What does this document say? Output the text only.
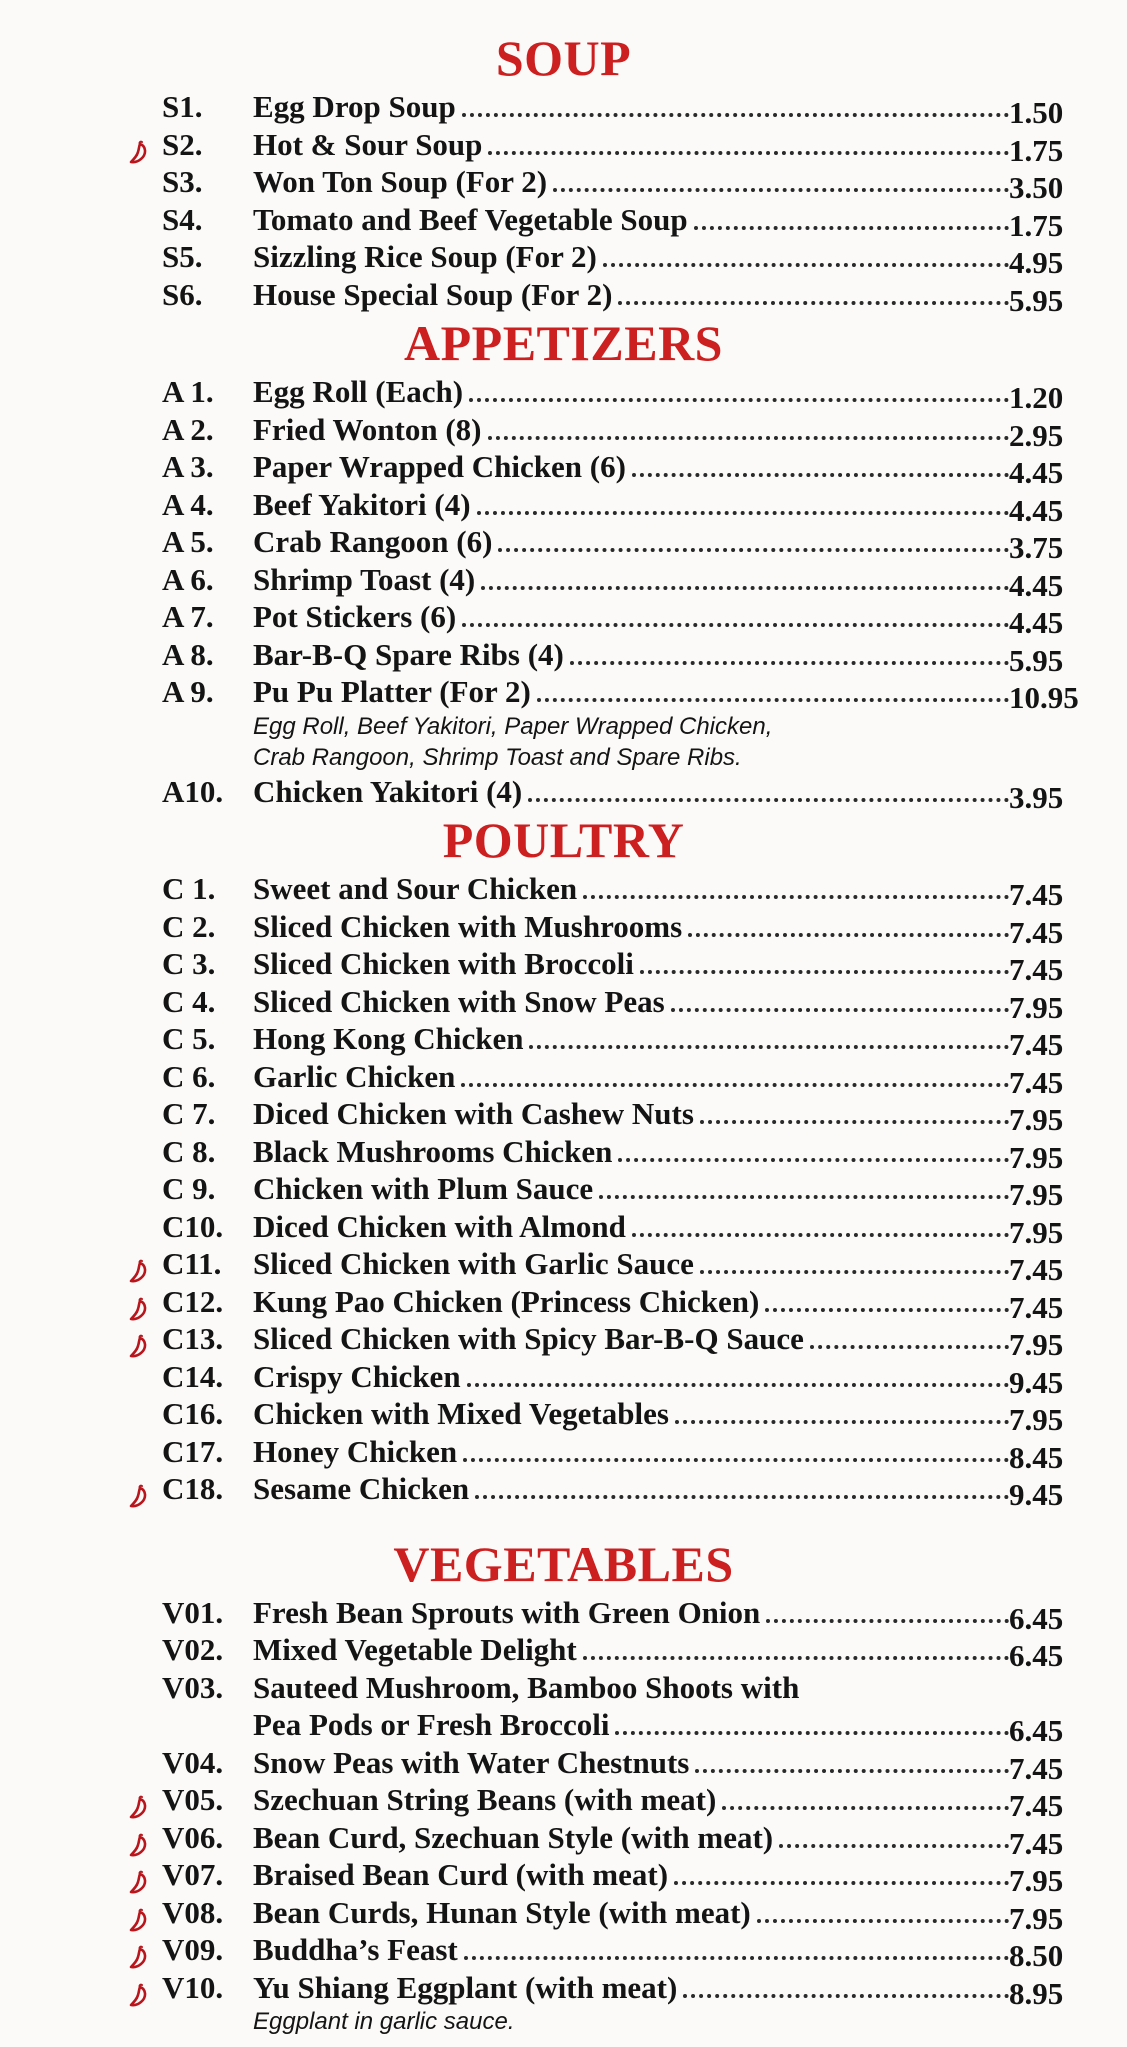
SOUP
S1. Egg Drop Soup	1.50
S2. Hot & Sour Soup	1.75
S3. Won Ton Soup (For 2)	3.50
S4. Tomato and Beef Vegetable Soup	1.75
S5. Sizzling Rice Soup (For 2)	4.95
S6. House Special Soup (For 2)	5.95
APPETIZERS
A 1. Egg Roll (Each)	1.20
A 2. Fried Wonton (8)	2.95
A 3. Paper Wrapped Chicken (6)	4.45
A 4. Beef Yakitori (4)	4.45
A 5. Crab Rangoon (6)	3.75
A 6. Shrimp Toast (4)	4.45
A 7. Pot Stickers (6)	4.45
A 8. Bar-B-Q Spare Ribs (4)	5.95
A 9. Pu Pu Platter (For 2)	10.95
Egg Roll, Beef Yakitori, Paper Wrapped Chicken,
Crab Rangoon, Shrimp Toast and Spare Ribs.
A10. Chicken Yakitori (4)	3.95
POULTRY
C 1. Sweet and Sour Chicken	7.45
C 2. Sliced Chicken with Mushrooms	7.45
C 3. Sliced Chicken with Broccoli	7.45
C 4. Sliced Chicken with Snow Peas	7.95
C 5. Hong Kong Chicken	7.45
C 6. Garlic Chicken	7.45
C 7. Diced Chicken with Cashew Nuts	7.95
C 8. Black Mushrooms Chicken	7.95
C 9. Chicken with Plum Sauce	7.95
C10. Diced Chicken with Almond	7.95
C11. Sliced Chicken with Garlic Sauce	7.45
C12. Kung Pao Chicken (Princess Chicken)	7.45
C13. Sliced Chicken with Spicy Bar-B-Q Sauce	7.95
C14. Crispy Chicken	9.45
C16. Chicken with Mixed Vegetables	7.95
C17. Honey Chicken	8.45
C18. Sesame Chicken	9.45
VEGETABLES
V01. Fresh Bean Sprouts with Green Onion	6.45
V02. Mixed Vegetable Delight	6.45
V03. Sauteed Mushroom, Bamboo Shoots with
Pea Pods or Fresh Broccoli	6.45
V04. Snow Peas with Water Chestnuts	7.45
V05. Szechuan String Beans (with meat)	7.45
V06. Bean Curd, Szechuan Style (with meat)	7.45
V07. Braised Bean Curd (with meat)	7.95
V08. Bean Curds, Hunan Style (with meat)	7.95
V09. Buddha’s Feast	8.50
V10. Yu Shiang Eggplant (with meat)	8.95
Eggplant in garlic sauce.
